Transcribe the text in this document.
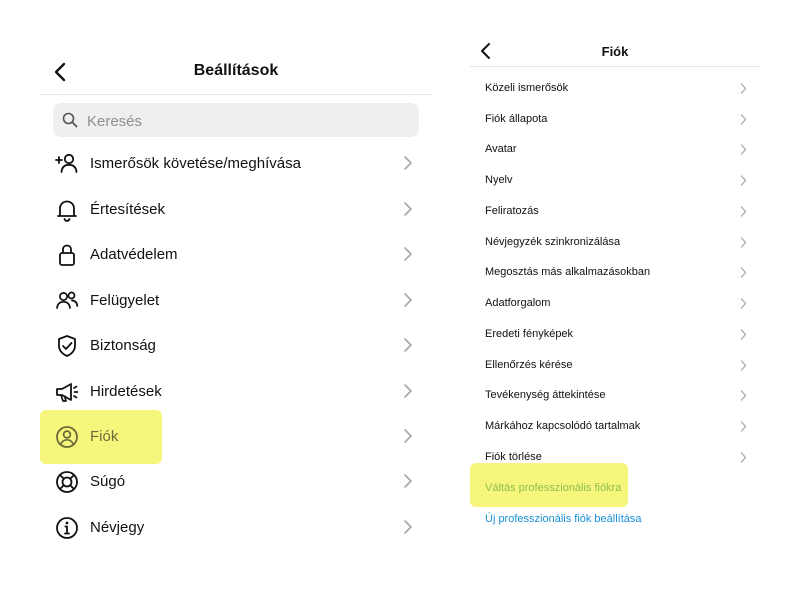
Beállítások
Keresés
Ismerősök követése/meghívása
Értesítések
Adatvédelem
Felügyelet
Biztonság
Hirdetések
Fiók
Súgó
Névjegy
Fiók
Közeli ismerősök
Fiók állapota
Avatar
Nyelv
Feliratozás
Névjegyzék szinkronizálása
Megosztás más alkalmazásokban
Adatforgalom
Eredeti fényképek
Ellenőrzés kérése
Tevékenység áttekintése
Márkához kapcsolódó tartalmak
Fiók törlése
Váltás professzionális fiókra
Új professzionális fiók beállítása
